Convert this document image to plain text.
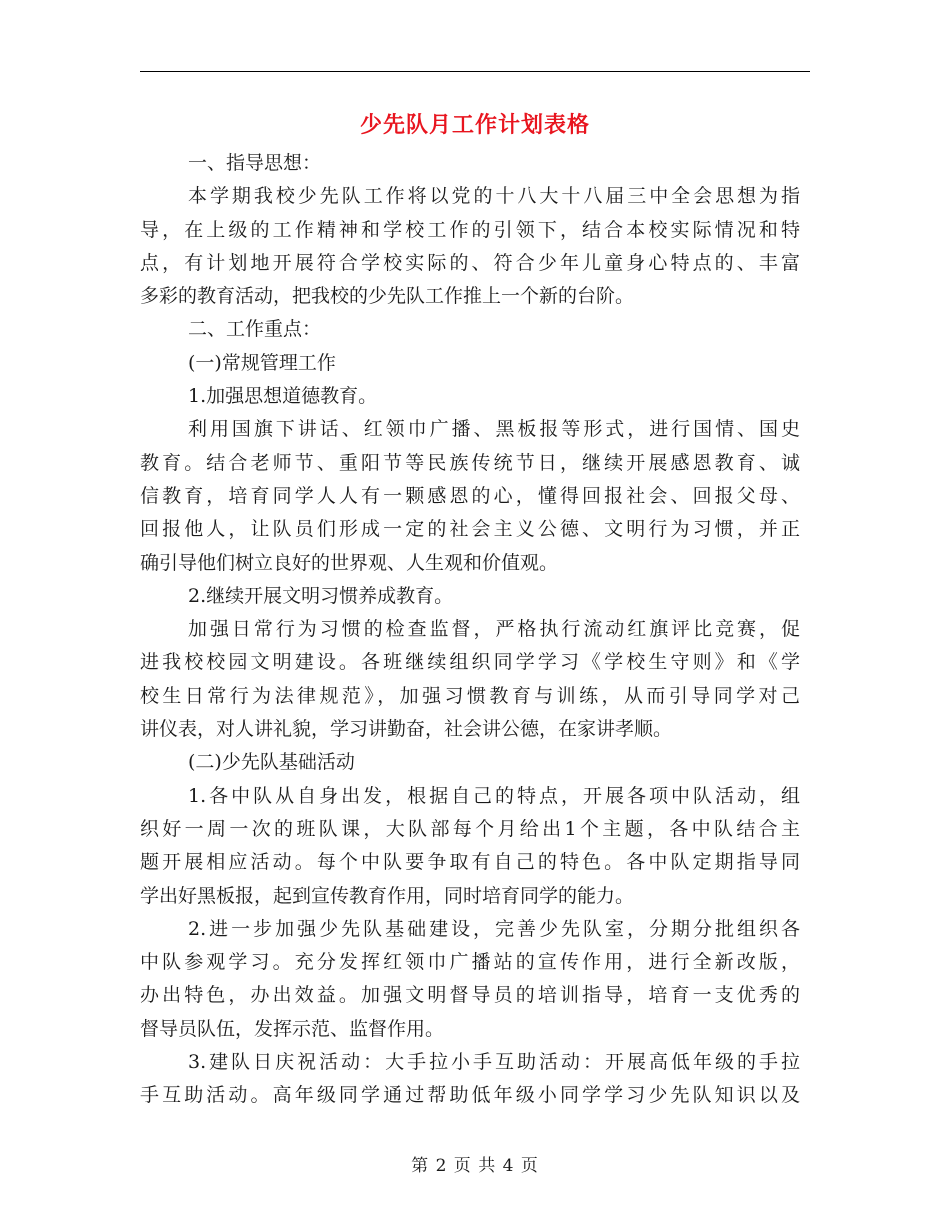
少先队月工作计划表格
一、指导思想：
本学期我校少先队工作将以党的十八大十八届三中全会思想为指
导，在上级的工作精神和学校工作的引领下，结合本校实际情况和特
点，有计划地开展符合学校实际的、符合少年儿童身心特点的、丰富
多彩的教育活动，把我校的少先队工作推上一个新的台阶。
二、工作重点：
(一)常规管理工作
1.加强思想道德教育。
利用国旗下讲话、红领巾广播、黑板报等形式，进行国情、国史
教育。结合老师节、重阳节等民族传统节日，继续开展感恩教育、诚
信教育，培育同学人人有一颗感恩的心，懂得回报社会、回报父母、
回报他人，让队员们形成一定的社会主义公德、文明行为习惯，并正
确引导他们树立良好的世界观、人生观和价值观。
2.继续开展文明习惯养成教育。
加强日常行为习惯的检查监督，严格执行流动红旗评比竞赛，促
进我校校园文明建设。各班继续组织同学学习《学校生守则》和《学
校生日常行为法律规范》，加强习惯教育与训练，从而引导同学对己
讲仪表，对人讲礼貌，学习讲勤奋，社会讲公德，在家讲孝顺。
(二)少先队基础活动
1.各中队从自身出发，根据自己的特点，开展各项中队活动，组
织好一周一次的班队课，大队部每个月给出1个主题，各中队结合主
题开展相应活动。每个中队要争取有自己的特色。各中队定期指导同
学出好黑板报，起到宣传教育作用，同时培育同学的能力。
2.进一步加强少先队基础建设，完善少先队室，分期分批组织各
中队参观学习。充分发挥红领巾广播站的宣传作用，进行全新改版，
办出特色，办出效益。加强文明督导员的培训指导，培育一支优秀的
督导员队伍，发挥示范、监督作用。
3.建队日庆祝活动：大手拉小手互助活动：开展高低年级的手拉
手互助活动。高年级同学通过帮助低年级小同学学习少先队知识以及
第 2 页 共 4 页
